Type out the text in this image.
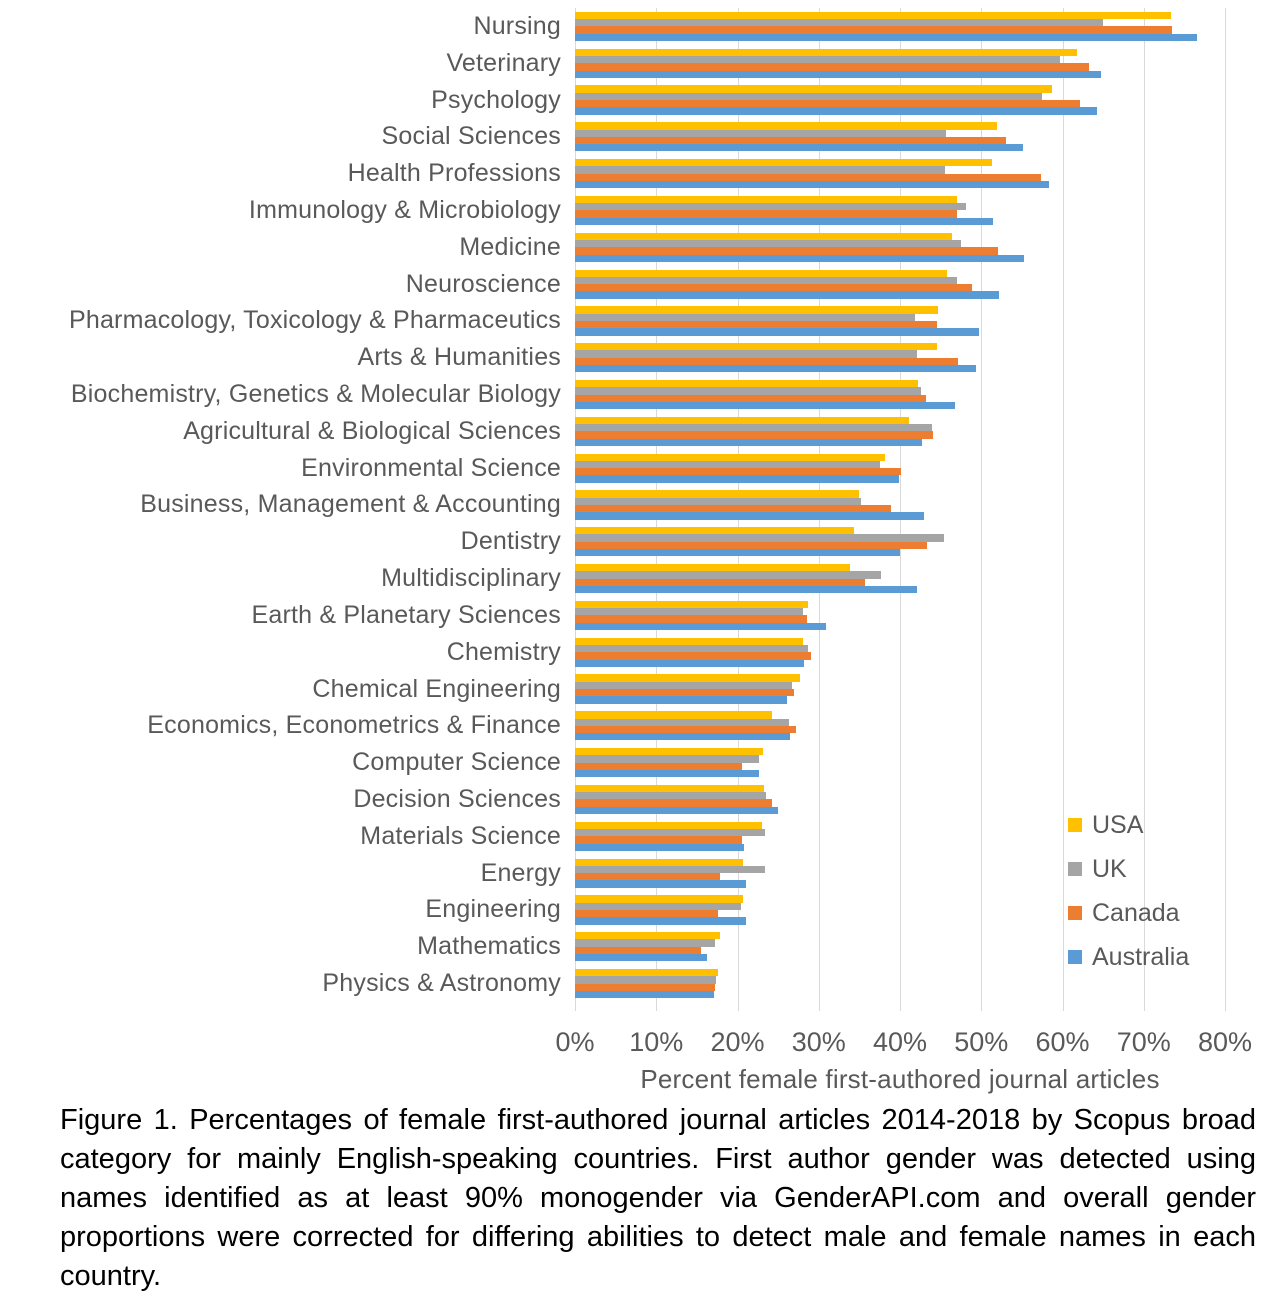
Nursing
Veterinary
Psychology
Social Sciences
Health Professions
Immunology & Microbiology
Medicine
Neuroscience
Pharmacology, Toxicology & Pharmaceutics
Arts & Humanities
Biochemistry, Genetics & Molecular Biology
Agricultural & Biological Sciences
Environmental Science
Business, Management & Accounting
Dentistry
Multidisciplinary
Earth & Planetary Sciences
Chemistry
Chemical Engineering
Economics, Econometrics & Finance
Computer Science
Decision Sciences
Materials Science
Energy
Engineering
Mathematics
Physics & Astronomy
0% 10% 20% 30% 40% 50% 60% 70% 80%
Percent female first-authored journal articles
USA
UK
Canada
Australia
Figure 1. Percentages of female first-authored journal articles 2014-2018 by Scopus broad category for mainly English-speaking countries. First author gender was detected using names identified as at least 90% monogender via GenderAPI.com and overall gender proportions were corrected for differing abilities to detect male and female names in each country.
